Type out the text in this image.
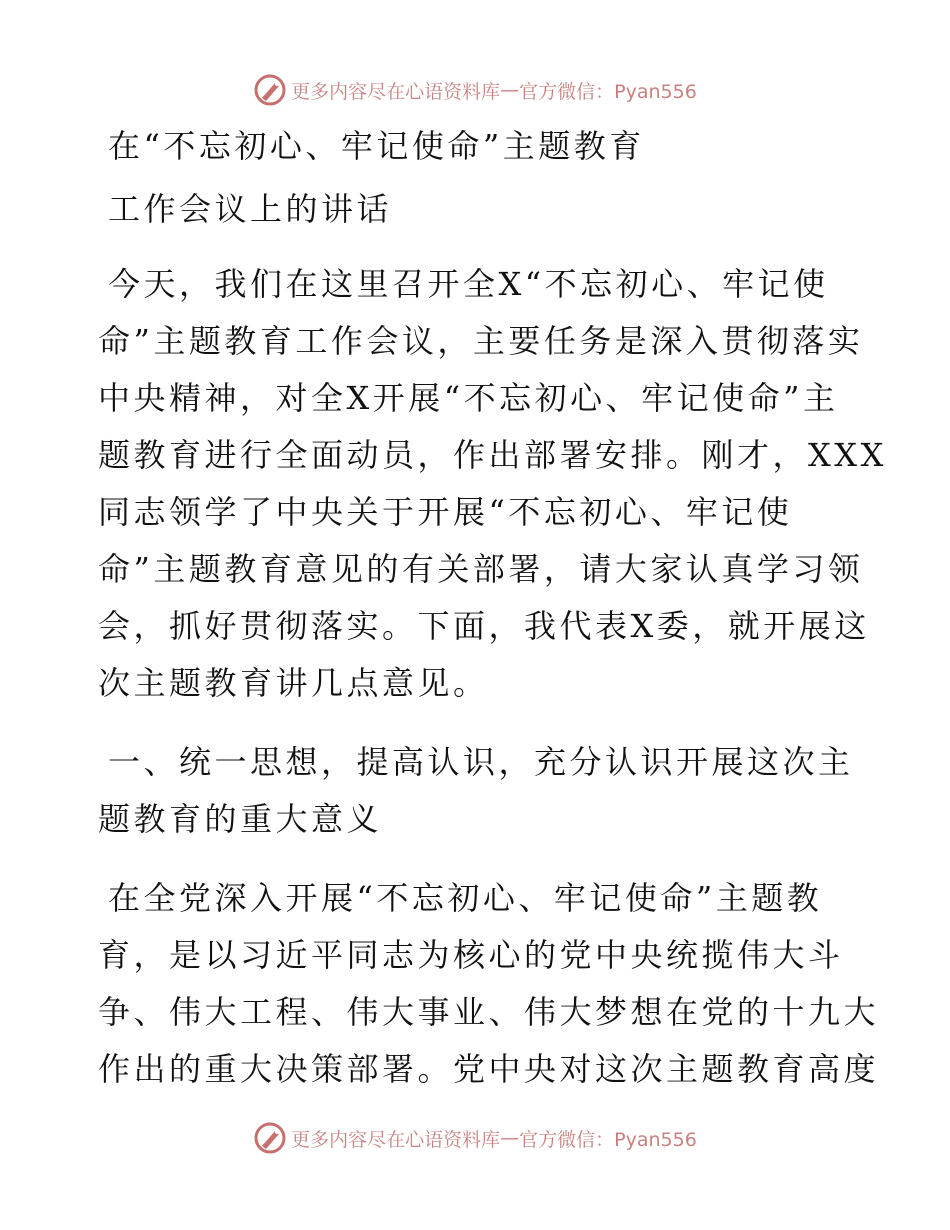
更多内容尽在心语资料库 — 官方微信：Pyan556
在“不忘初心、牢记使命”主题教育
工作会议上的讲话
今天，我们在这里召开全X“不忘初心、牢记使
命”主题教育工作会议，主要任务是深入贯彻落实
中央精神，对全X开展“不忘初心、牢记使命”主
题教育进行全面动员，作出部署安排。刚才，XXX
同志领学了中央关于开展“不忘初心、牢记使
命”主题教育意见的有关部署，请大家认真学习领
会，抓好贯彻落实。下面，我代表X委，就开展这
次主题教育讲几点意见。
一、统一思想，提高认识，充分认识开展这次主
题教育的重大意义
在全党深入开展“不忘初心、牢记使命”主题教
育，是以习近平同志为核心的党中央统揽伟大斗
争、伟大工程、伟大事业、伟大梦想在党的十九大
作出的重大决策部署。党中央对这次主题教育高度
更多内容尽在心语资料库 — 官方微信：Pyan556
